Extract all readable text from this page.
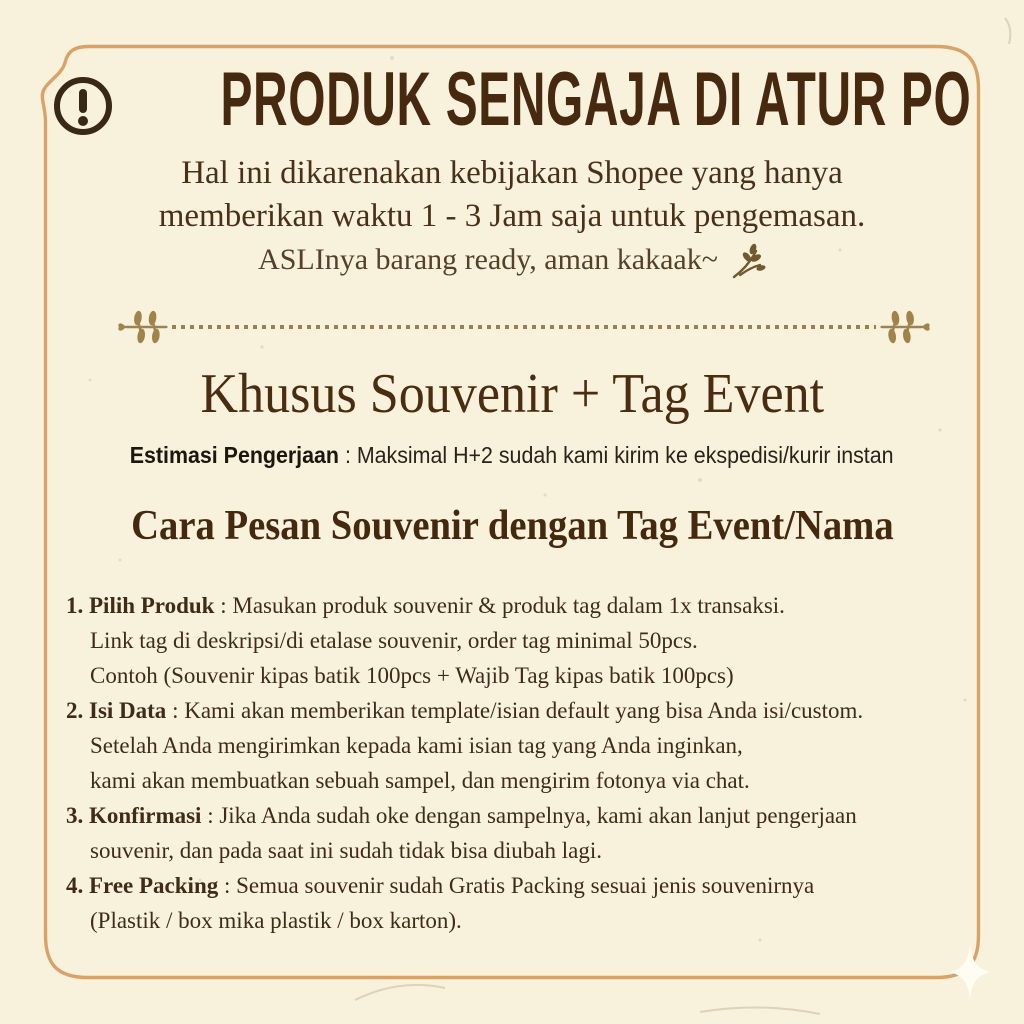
PRODUK SENGAJA DI ATUR PO
Hal ini dikarenakan kebijakan Shopee yang hanya
memberikan waktu 1 - 3 Jam saja untuk pengemasan.
ASLInya barang ready, aman kakaak~
Khusus Souvenir + Tag Event
Estimasi Pengerjaan : Maksimal H+2 sudah kami kirim ke ekspedisi/kurir instan
Cara Pesan Souvenir dengan Tag Event/Nama

1. Pilih Produk : Masukan produk souvenir & produk tag dalam 1x transaksi.

Link tag di deskripsi/di etalase souvenir, order tag minimal 50pcs.

Contoh (Souvenir kipas batik 100pcs + Wajib Tag kipas batik 100pcs)

2. Isi Data : Kami akan memberikan template/isian default yang bisa Anda isi/custom.

Setelah Anda mengirimkan kepada kami isian tag yang Anda inginkan,

kami akan membuatkan sebuah sampel, dan mengirim fotonya via chat.

3. Konfirmasi : Jika Anda sudah oke dengan sampelnya, kami akan lanjut pengerjaan

souvenir, dan pada saat ini sudah tidak bisa diubah lagi.

4. Free Packing : Semua souvenir sudah Gratis Packing sesuai jenis souvenirnya

(Plastik / box mika plastik / box karton).
